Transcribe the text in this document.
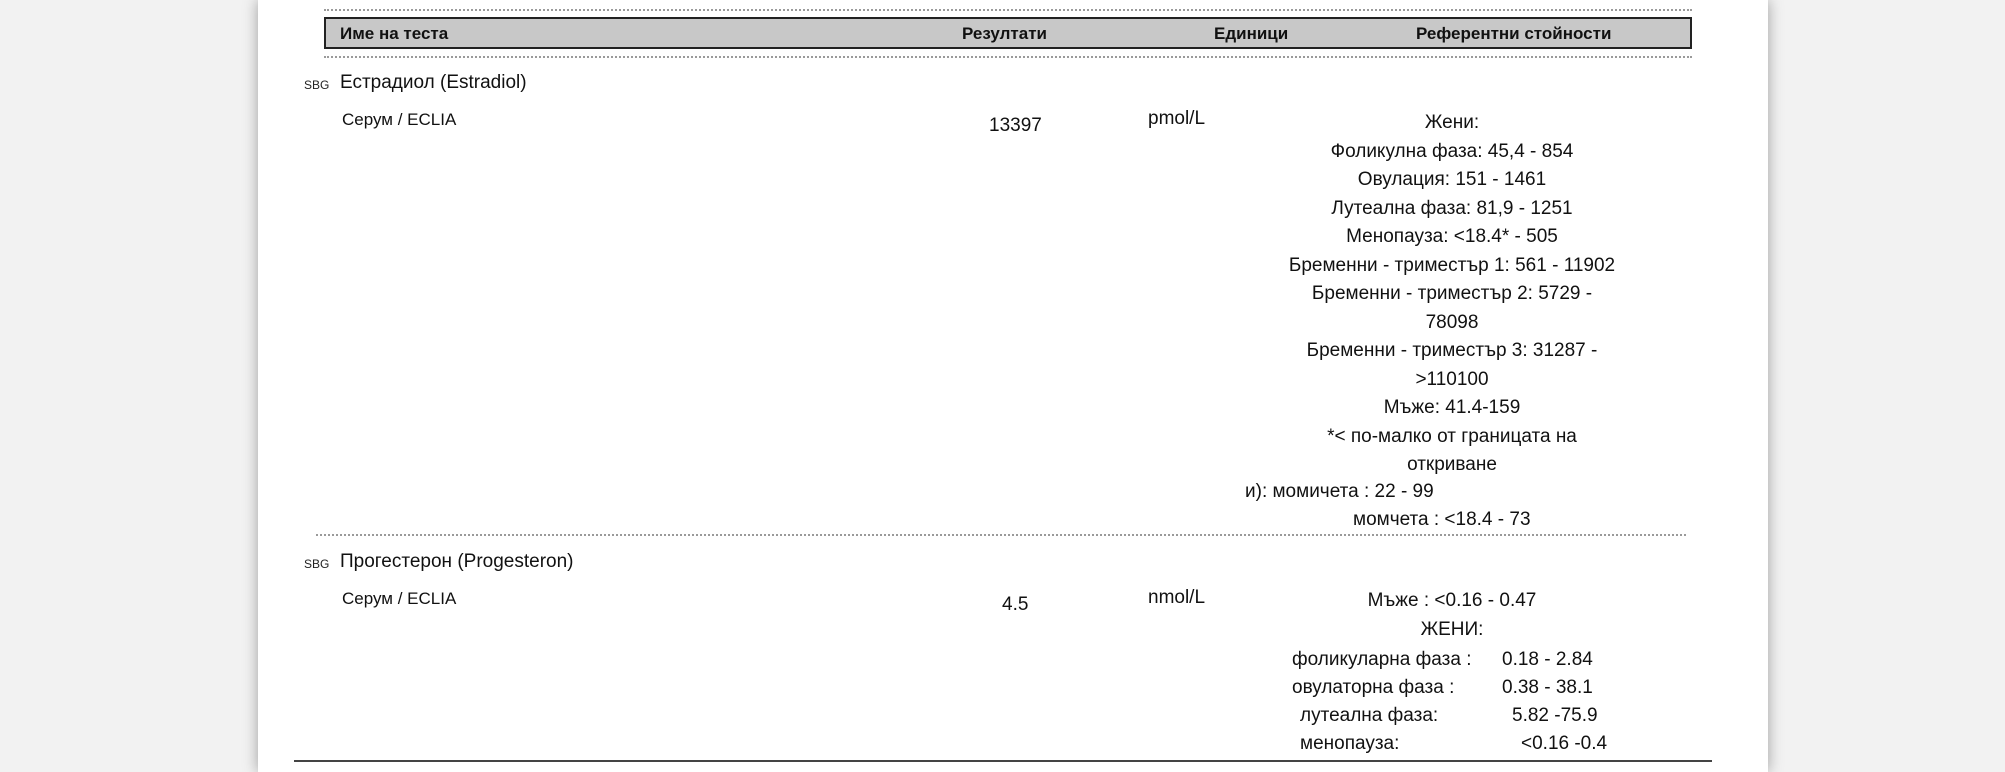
Име на теста	Резултати	Единици	Референтни стойности
SBG Естрадиол (Estradiol)
Серум / ECLIA	13397	pmol/L	Жени:
Фоликулна фаза: 45,4 - 854
Овулация: 151 - 1461
Лутеална фаза: 81,9 - 1251
Менопауза: <18.4* - 505
Бременни - триместър 1: 561 - 11902
Бременни - триместър 2: 5729 -
78098
Бременни - триместър 3: 31287 -
>110100
Мъже: 41.4-159
*< по-малко от границата на
откриване
и): момичета : 22 - 99
момчета : <18.4 - 73
SBG Прогестерон (Progesteron)
Серум / ECLIA	4.5	nmol/L	Мъже : <0.16 - 0.47
ЖЕНИ:
фоликуларна фаза : 0.18 - 2.84
овулаторна фаза :	0.38 - 38.1
лутеална фаза:	5.82 -75.9
менопауза:	<0.16 -0.4
